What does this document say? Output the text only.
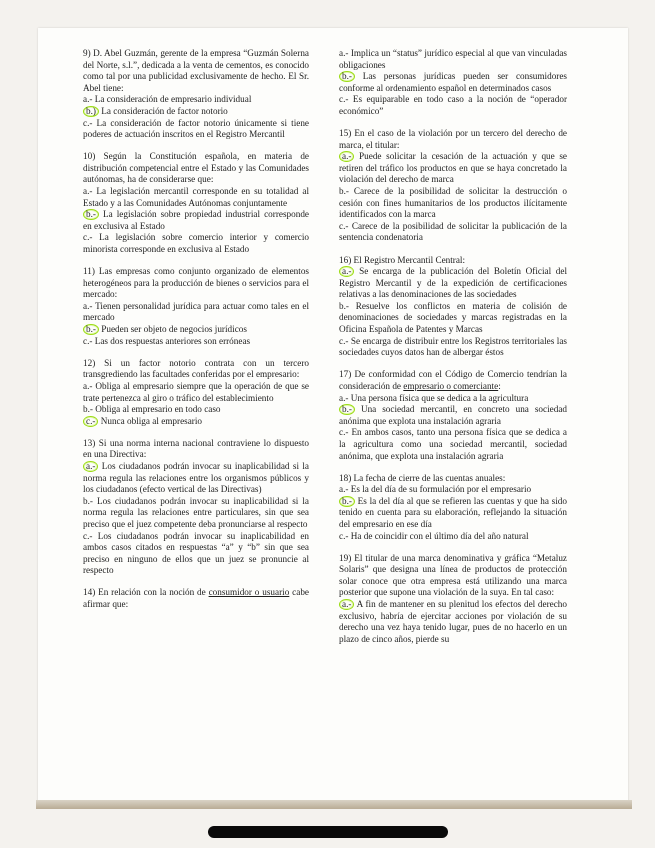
9) D. Abel Guzmán, gerente de la empresa “Guzmán Solerna del Norte, s.l.”, dedicada a la venta de cementos, es conocido como tal por una publicidad exclusivamente de hecho. El Sr. Abel tiene:

a.- La consideración de empresario individual

b.) La consideración de factor notorio

c.- La consideración de factor notorio únicamente si tiene poderes de actuación inscritos en el Registro Mercantil

10) Según la Constitución española, en materia de distribución competencial entre el Estado y las Comunidades autónomas, ha de considerarse que:

a.- La legislación mercantil corresponde en su totalidad al Estado y a las Comunidades Autónomas conjuntamente

b.- La legislación sobre propiedad industrial corresponde en exclusiva al Estado

c.- La legislación sobre comercio interior y comercio minorista corresponde en exclusiva al Estado

11) Las empresas como conjunto organizado de elementos heterogéneos para la producción de bienes o servicios para el mercado:

a.- Tienen personalidad jurídica para actuar como tales en el mercado

b.- Pueden ser objeto de negocios jurídicos

c.- Las dos respuestas anteriores son erróneas

12) Si un factor notorio contrata con un tercero transgrediendo las facultades conferidas por el empresario:

a.- Obliga al empresario siempre que la operación de que se trate pertenezca al giro o tráfico del establecimiento

b.- Obliga al empresario en todo caso

c.- Nunca obliga al empresario

13) Si una norma interna nacional contraviene lo dispuesto en una Directiva:

a.- Los ciudadanos podrán invocar su inaplicabilidad si la norma regula las relaciones entre los organismos públicos y los ciudadanos (efecto vertical de las Directivas)

b.- Los ciudadanos podrán invocar su inaplicabilidad si la norma regula las relaciones entre particulares, sin que sea preciso que el juez competente deba pronunciarse al respecto

c.- Los ciudadanos podrán invocar su inaplicabilidad en ambos casos citados en respuestas “a” y “b” sin que sea preciso en ninguno de ellos que un juez se pronuncie al respecto

14) En relación con la noción de consumidor o usuario cabe afirmar que:

a.- Implica un “status” jurídico especial al que van vinculadas obligaciones

b.- Las personas jurídicas pueden ser consumidores conforme al ordenamiento español en determinados casos

c.- Es equiparable en todo caso a la noción de “operador económico”

15) En el caso de la violación por un tercero del derecho de marca, el titular:

a.- Puede solicitar la cesación de la actuación y que se retiren del tráfico los productos en que se haya concretado la violación del derecho de marca

b.- Carece de la posibilidad de solicitar la destrucción o cesión con fines humanitarios de los productos ilícitamente identificados con la marca

c.- Carece de la posibilidad de solicitar la publicación de la sentencia condenatoria

16) El Registro Mercantil Central:

a.- Se encarga de la publicación del Boletín Oficial del Registro Mercantil y de la expedición de certificaciones relativas a las denominaciones de las sociedades

b.- Resuelve los conflictos en materia de colisión de denominaciones de sociedades y marcas registradas en la Oficina Española de Patentes y Marcas

c.- Se encarga de distribuir entre los Registros territoriales las sociedades cuyos datos han de albergar éstos

17) De conformidad con el Código de Comercio tendrían la consideración de empresario o comerciante:

a.- Una persona física que se dedica a la agricultura

b.- Una sociedad mercantil, en concreto una sociedad anónima que explota una instalación agraria

c.- En ambos casos, tanto una persona física que se dedica a la agricultura como una sociedad mercantil, sociedad anónima, que explota una instalación agraria

18) La fecha de cierre de las cuentas anuales:

a.- Es la del día de su formulación por el empresario

b.- Es la del día al que se refieren las cuentas y que ha sido tenido en cuenta para su elaboración, reflejando la situación del empresario en ese día

c.- Ha de coincidir con el último día del año natural

19) El titular de una marca denominativa y gráfica “Metaluz Solaris” que designa una línea de productos de protección solar conoce que otra empresa está utilizando una marca posterior que supone una violación de la suya. En tal caso:

a.- A fin de mantener en su plenitud los efectos del derecho exclusivo, habría de ejercitar acciones por violación de su derecho una vez haya tenido lugar, pues de no hacerlo en un plazo de cinco años, pierde su
